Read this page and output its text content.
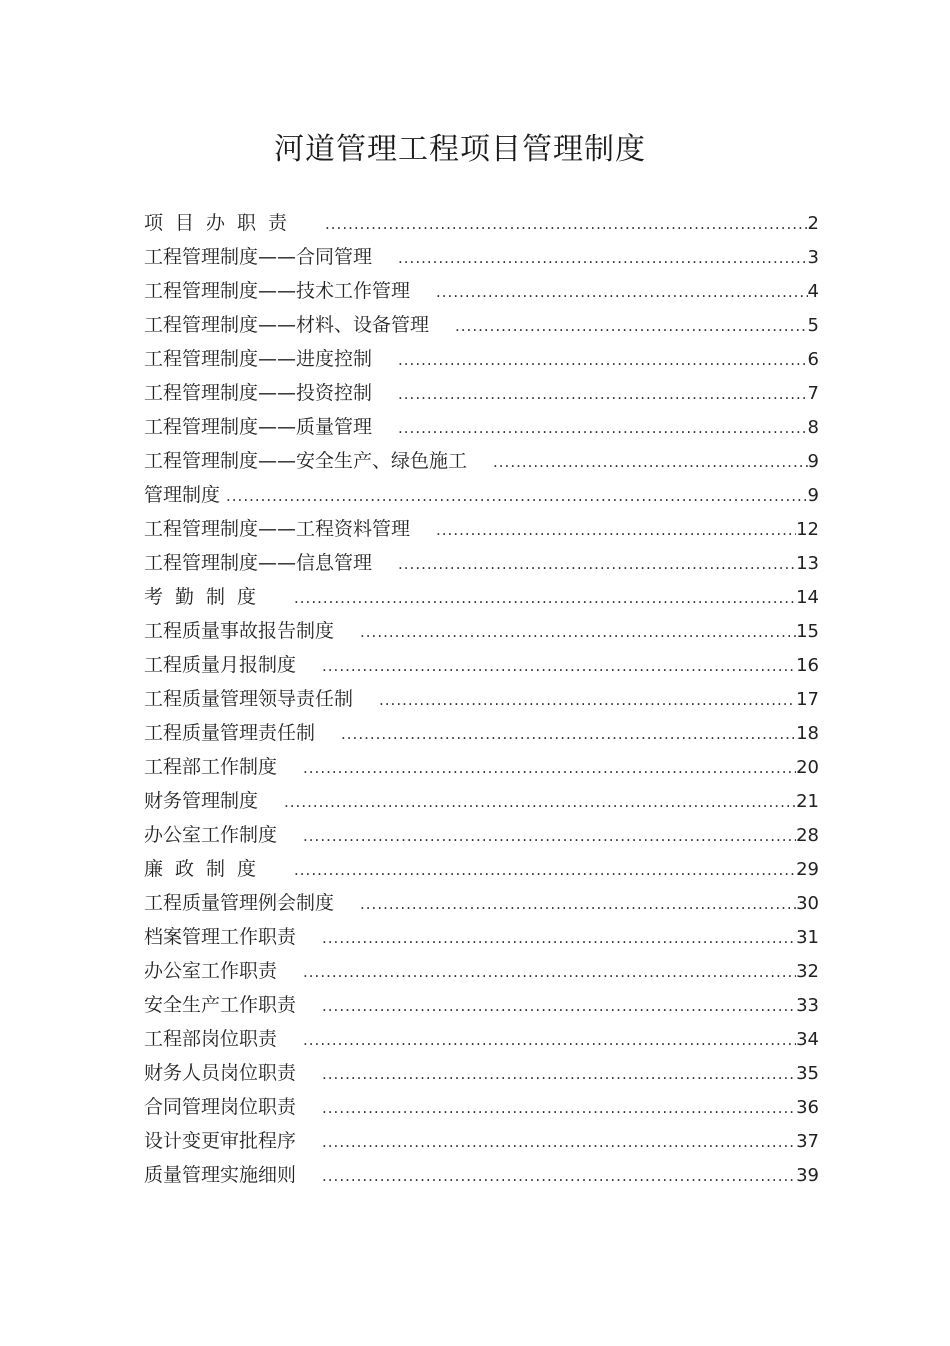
河道管理工程项目管理制度
项目办职责 .....	2
工程管理制度——合同管理 .....	3
工程管理制度——技术工作管理 .....	4
工程管理制度——材料、设备管理 .....	5
工程管理制度——进度控制 .....	6
工程管理制度——投资控制 .....	7
工程管理制度——质量管理 .....	8
工程管理制度——安全生产、绿色施工 .....	9
管理制度 .....	9
工程管理制度——工程资料管理 .....	12
工程管理制度——信息管理 .....	13
考勤制度 .....	14
工程质量事故报告制度 .....	15
工程质量月报制度 .....	16
工程质量管理领导责任制 .....	17
工程质量管理责任制 .....	18
工程部工作制度 .....	20
财务管理制度 .....	21
办公室工作制度 .....	28
廉政制度 .....	29
工程质量管理例会制度 .....	30
档案管理工作职责 .....	31
办公室工作职责 .....	32
安全生产工作职责 .....	33
工程部岗位职责 .....	34
财务人员岗位职责 .....	35
合同管理岗位职责 .....	36
设计变更审批程序 .....	37
质量管理实施细则 .....	39
